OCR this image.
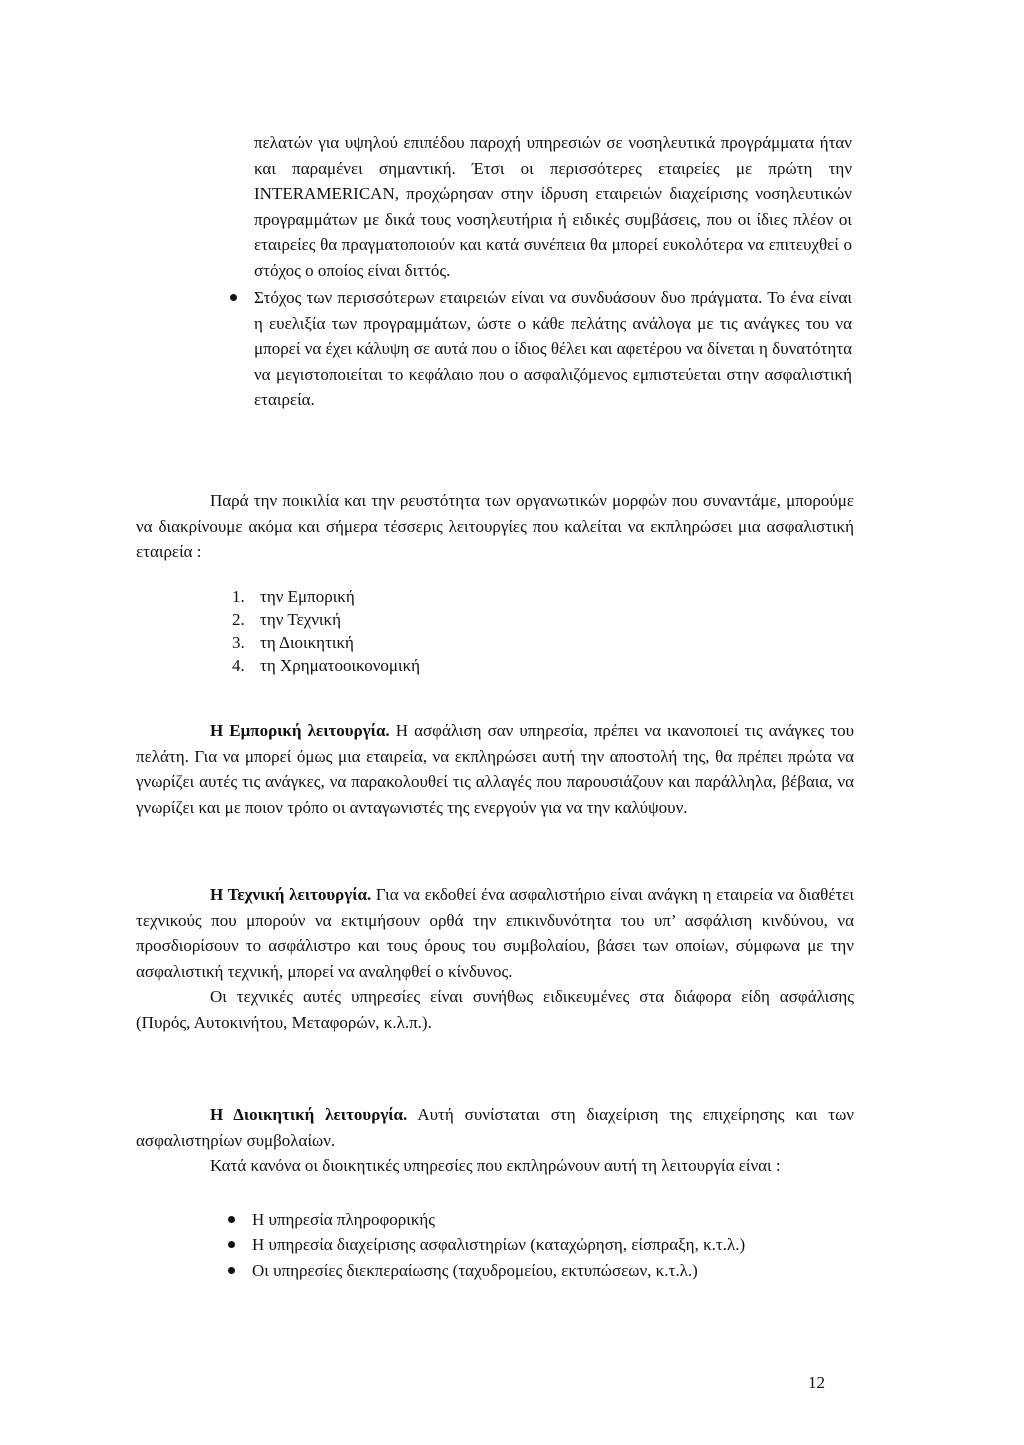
πελατών για υψηλού επιπέδου παροχή υπηρεσιών σε νοσηλευτικά προγράμματα ήταν και παραμένει σημαντική. Έτσι οι περισσότερες εταιρείες με πρώτη την INTERAMERICAN, προχώρησαν στην ίδρυση εταιρειών διαχείρισης νοσηλευτικών προγραμμάτων με δικά τους νοσηλευτήρια ή ειδικές συμβάσεις, που οι ίδιες πλέον οι εταιρείες θα πραγματοποιούν και κατά συνέπεια θα μπορεί ευκολότερα να επιτευχθεί ο στόχος ο οποίος είναι διττός.

Στόχος των περισσότερων εταιρειών είναι να συνδυάσουν δυο πράγματα. Το ένα είναι η ευελιξία των προγραμμάτων, ώστε ο κάθε πελάτης ανάλογα με τις ανάγκες του να μπορεί να έχει κάλυψη σε αυτά που ο ίδιος θέλει και αφετέρου να δίνεται η δυνατότητα να μεγιστοποιείται το κεφάλαιο που ο ασφαλιζόμενος εμπιστεύεται στην ασφαλιστική εταιρεία.

Παρά την ποικιλία και την ρευστότητα των οργανωτικών μορφών που συναντάμε, μπορούμε να διακρίνουμε ακόμα και σήμερα τέσσερις λειτουργίες που καλείται να εκπληρώσει μια ασφαλιστική εταιρεία :

1. την Εμπορική
2. την Τεχνική
3. τη Διοικητική
4. τη Χρηματοοικονομική

Η Εμπορική λειτουργία. Η ασφάλιση σαν υπηρεσία, πρέπει να ικανοποιεί τις ανάγκες του πελάτη. Για να μπορεί όμως μια εταιρεία, να εκπληρώσει αυτή την αποστολή της, θα πρέπει πρώτα να γνωρίζει αυτές τις ανάγκες, να παρακολουθεί τις αλλαγές που παρουσιάζουν και παράλληλα, βέβαια, να γνωρίζει και με ποιον τρόπο οι ανταγωνιστές της ενεργούν για να την καλύψουν.

Η Τεχνική λειτουργία. Για να εκδοθεί ένα ασφαλιστήριο είναι ανάγκη η εταιρεία να διαθέτει τεχνικούς που μπορούν να εκτιμήσουν ορθά την επικινδυνότητα του υπ’ ασφάλιση κινδύνου, να προσδιορίσουν το ασφάλιστρο και τους όρους του συμβολαίου, βάσει των οποίων, σύμφωνα με την ασφαλιστική τεχνική, μπορεί να αναληφθεί ο κίνδυνος.

Οι τεχνικές αυτές υπηρεσίες είναι συνήθως ειδικευμένες στα διάφορα είδη ασφάλισης (Πυρός, Αυτοκινήτου, Μεταφορών, κ.λ.π.).

Η Διοικητική λειτουργία. Αυτή συνίσταται στη διαχείριση της επιχείρησης και των ασφαλιστηρίων συμβολαίων.

Κατά κανόνα οι διοικητικές υπηρεσίες που εκπληρώνουν αυτή τη λειτουργία είναι :

Η υπηρεσία πληροφορικής

Η υπηρεσία διαχείρισης ασφαλιστηρίων (καταχώρηση, είσπραξη, κ.τ.λ.)

Οι υπηρεσίες διεκπεραίωσης (ταχυδρομείου, εκτυπώσεων, κ.τ.λ.)

12
